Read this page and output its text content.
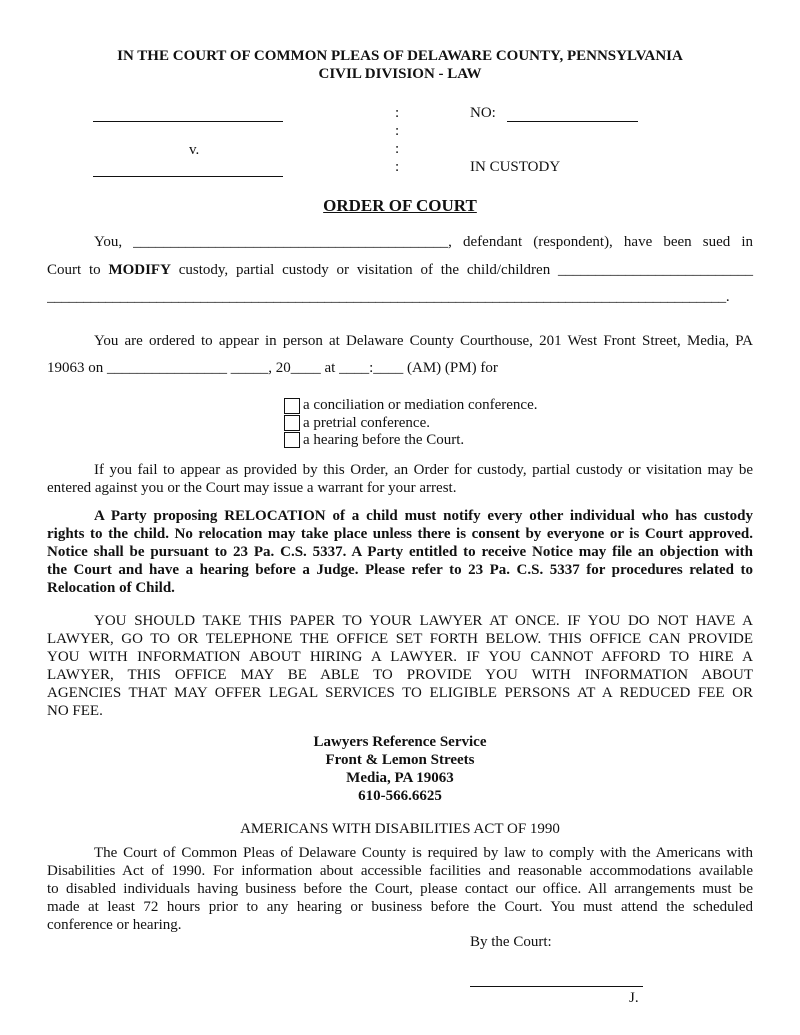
IN THE COURT OF COMMON PLEAS OF DELAWARE COUNTY, PENNSYLVANIA
CIVIL DIVISION - LAW
v.
:
:
:
:
NO:
IN CUSTODY
ORDER OF COURT
You, __________________________________________, defendant (respondent), have been sued in
Court to MODIFY custody, partial custody or visitation of the child/children __________________________
_____________________________________________________________________________________________.
You are ordered to appear in person at Delaware County Courthouse, 201 West Front Street, Media, PA
19063 on ________________ _____, 20____ at ____:____ (AM) (PM) for
a conciliation or mediation conference.
a pretrial conference.
a hearing before the Court.
If you fail to appear as provided by this Order, an Order for custody, partial custody or visitation may be
entered against you or the Court may issue a warrant for your arrest.
A Party proposing RELOCATION of a child must notify every other individual who has custody
rights to the child. No relocation may take place unless there is consent by everyone or is Court approved.
Notice shall be pursuant to 23 Pa. C.S. 5337. A Party entitled to receive Notice may file an objection with
the Court and have a hearing before a Judge. Please refer to 23 Pa. C.S. 5337 for procedures related to
Relocation of Child.
YOU SHOULD TAKE THIS PAPER TO YOUR LAWYER AT ONCE. IF YOU DO NOT HAVE A
LAWYER, GO TO OR TELEPHONE THE OFFICE SET FORTH BELOW. THIS OFFICE CAN PROVIDE
YOU WITH INFORMATION ABOUT HIRING A LAWYER. IF YOU CANNOT AFFORD TO HIRE A
LAWYER, THIS OFFICE MAY BE ABLE TO PROVIDE YOU WITH INFORMATION ABOUT
AGENCIES THAT MAY OFFER LEGAL SERVICES TO ELIGIBLE PERSONS AT A REDUCED FEE OR
NO FEE.
Lawyers Reference Service
Front & Lemon Streets
Media, PA 19063
610-566.6625
AMERICANS WITH DISABILITIES ACT OF 1990
The Court of Common Pleas of Delaware County is required by law to comply with the Americans with
Disabilities Act of 1990. For information about accessible facilities and reasonable accommodations available
to disabled individuals having business before the Court, please contact our office. All arrangements must be
made at least 72 hours prior to any hearing or business before the Court. You must attend the scheduled
conference or hearing.
By the Court:
J.
